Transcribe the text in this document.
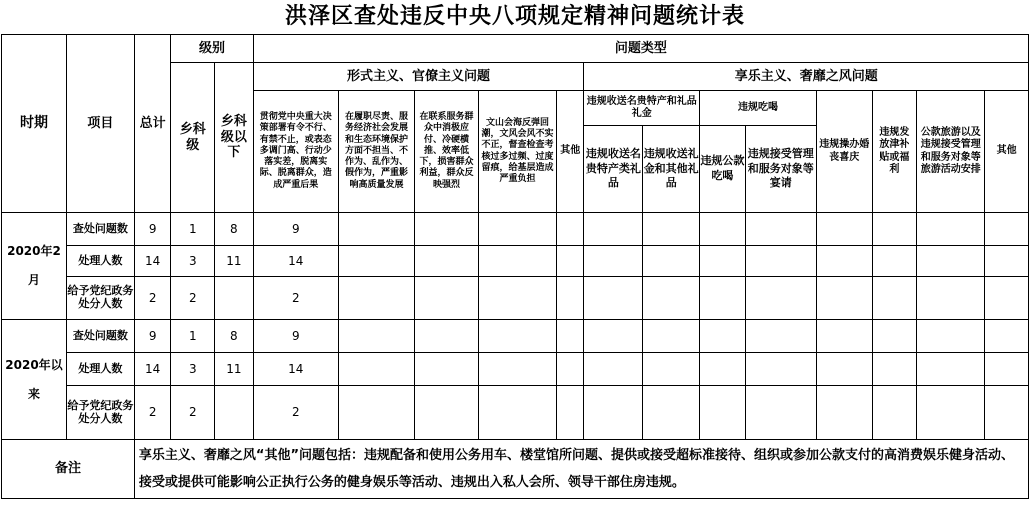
洪泽区查处违反中央八项规定精神问题统计表
时期	项目	总计	级别		问题类型												
			乡科级	乡科级以下	形式主义、官僚主义问题					享乐主义、奢靡之风问题							
					贯彻党中央重大决策部署有令不行、有禁不止，或表态多调门高、行动少落实差，脱离实际、脱离群众，造成严重后果	在履职尽责、服务经济社会发展和生态环境保护方面不担当、不作为、乱作为、假作为，严重影响高质量发展	在联系服务群众中消极应付、冷硬横推、效率低下，损害群众利益，群众反映强烈	文山会海反弹回潮，文风会风不实不正，督查检查考核过多过频、过度留痕，给基层造成严重负担	其他	违规收送名贵特产和礼品礼金		违规吃喝		违规操办婚丧喜庆	违规发放津补贴或福利	公款旅游以及违规接受管理和服务对象等旅游活动安排	其他
										违规收送名贵特产类礼品	违规收送礼金和其他礼品	违规公款吃喝	违规接受管理和服务对象等宴请				
2020年2月	查处问题数	9	1	8	9												
	处理人数	14	3	11	14												
	给予党纪政务处分人数	2	2		2												
2020年以来	查处问题数	9	1	8	9												
	处理人数	14	3	11	14												
	给予党纪政务处分人数	2	2		2												
备注		享乐主义、奢靡之风“其他”问题包括：违规配备和使用公务用车、楼堂馆所问题、提供或接受超标准接待、组织或参加公款支付的高消费娱乐健身活动、接受或提供可能影响公正执行公务的健身娱乐等活动、违规出入私人会所、领导干部住房违规。															
